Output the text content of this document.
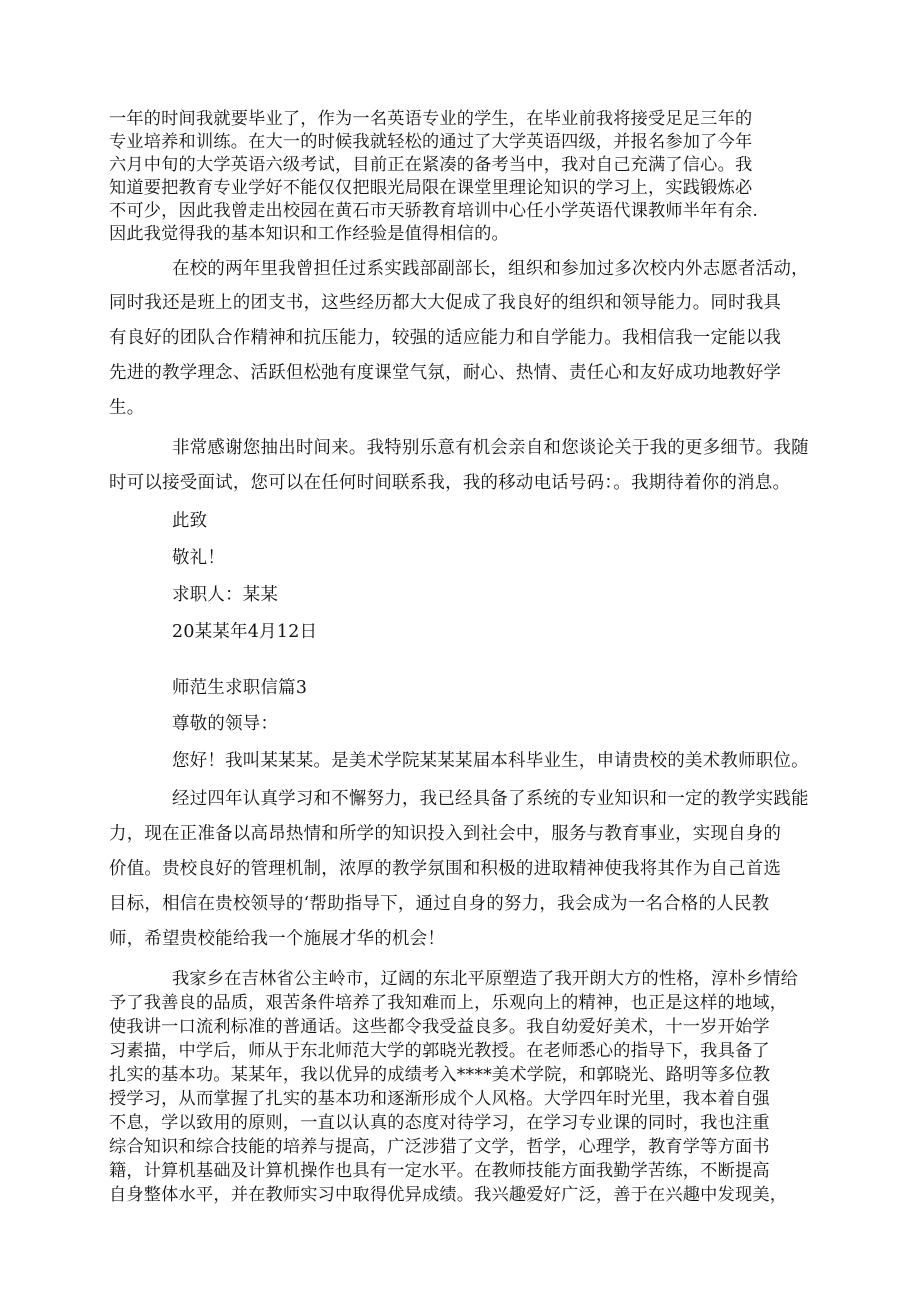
一年的时间我就要毕业了，作为一名英语专业的学生，在毕业前我将接受足足三年的
专业培养和训练。在大一的时候我就轻松的通过了大学英语四级，并报名参加了今年
六月中旬的大学英语六级考试，目前正在紧凑的备考当中，我对自己充满了信心。我
知道要把教育专业学好不能仅仅把眼光局限在课堂里理论知识的学习上，实践锻炼必
不可少，因此我曾走出校园在黄石市天骄教育培训中心任小学英语代课教师半年有余.
因此我觉得我的基本知识和工作经验是值得相信的。
在校的两年里我曾担任过系实践部副部长，组织和参加过多次校内外志愿者活动，
同时我还是班上的团支书，这些经历都大大促成了我良好的组织和领导能力。同时我具
有良好的团队合作精神和抗压能力，较强的适应能力和自学能力。我相信我一定能以我
先进的教学理念、活跃但松弛有度课堂气氛，耐心、热情、责任心和友好成功地教好学
生。
非常感谢您抽出时间来。我特别乐意有机会亲自和您谈论关于我的更多细节。我随
时可以接受面试，您可以在任何时间联系我，我的移动电话号码：。我期待着你的消息。
此致
敬礼！
求职人：某某
20某某年4月12日
师范生求职信篇3
尊敬的领导：
您好！我叫某某某。是美术学院某某某届本科毕业生，申请贵校的美术教师职位。
经过四年认真学习和不懈努力，我已经具备了系统的专业知识和一定的教学实践能
力，现在正准备以高昂热情和所学的知识投入到社会中，服务与教育事业，实现自身的
价值。贵校良好的管理机制，浓厚的教学氛围和积极的进取精神使我将其作为自己首选
目标，相信在贵校领导的‘帮助指导下，通过自身的努力，我会成为一名合格的人民教
师，希望贵校能给我一个施展才华的机会！
我家乡在吉林省公主岭市，辽阔的东北平原塑造了我开朗大方的性格，淳朴乡情给
予了我善良的品质，艰苦条件培养了我知难而上，乐观向上的精神，也正是这样的地域，
使我讲一口流利标准的普通话。这些都令我受益良多。我自幼爱好美术，十一岁开始学
习素描，中学后，师从于东北师范大学的郭晓光教授。在老师悉心的指导下，我具备了
扎实的基本功。某某年，我以优异的成绩考入****美术学院，和郭晓光、路明等多位教
授学习，从而掌握了扎实的基本功和逐渐形成个人风格。大学四年时光里，我本着自强
不息，学以致用的原则，一直以认真的态度对待学习，在学习专业课的同时，我也注重
综合知识和综合技能的培养与提高，广泛涉猎了文学，哲学，心理学，教育学等方面书
籍，计算机基础及计算机操作也具有一定水平。在教师技能方面我勤学苦练，不断提高
自身整体水平，并在教师实习中取得优异成绩。我兴趣爱好广泛，善于在兴趣中发现美，
